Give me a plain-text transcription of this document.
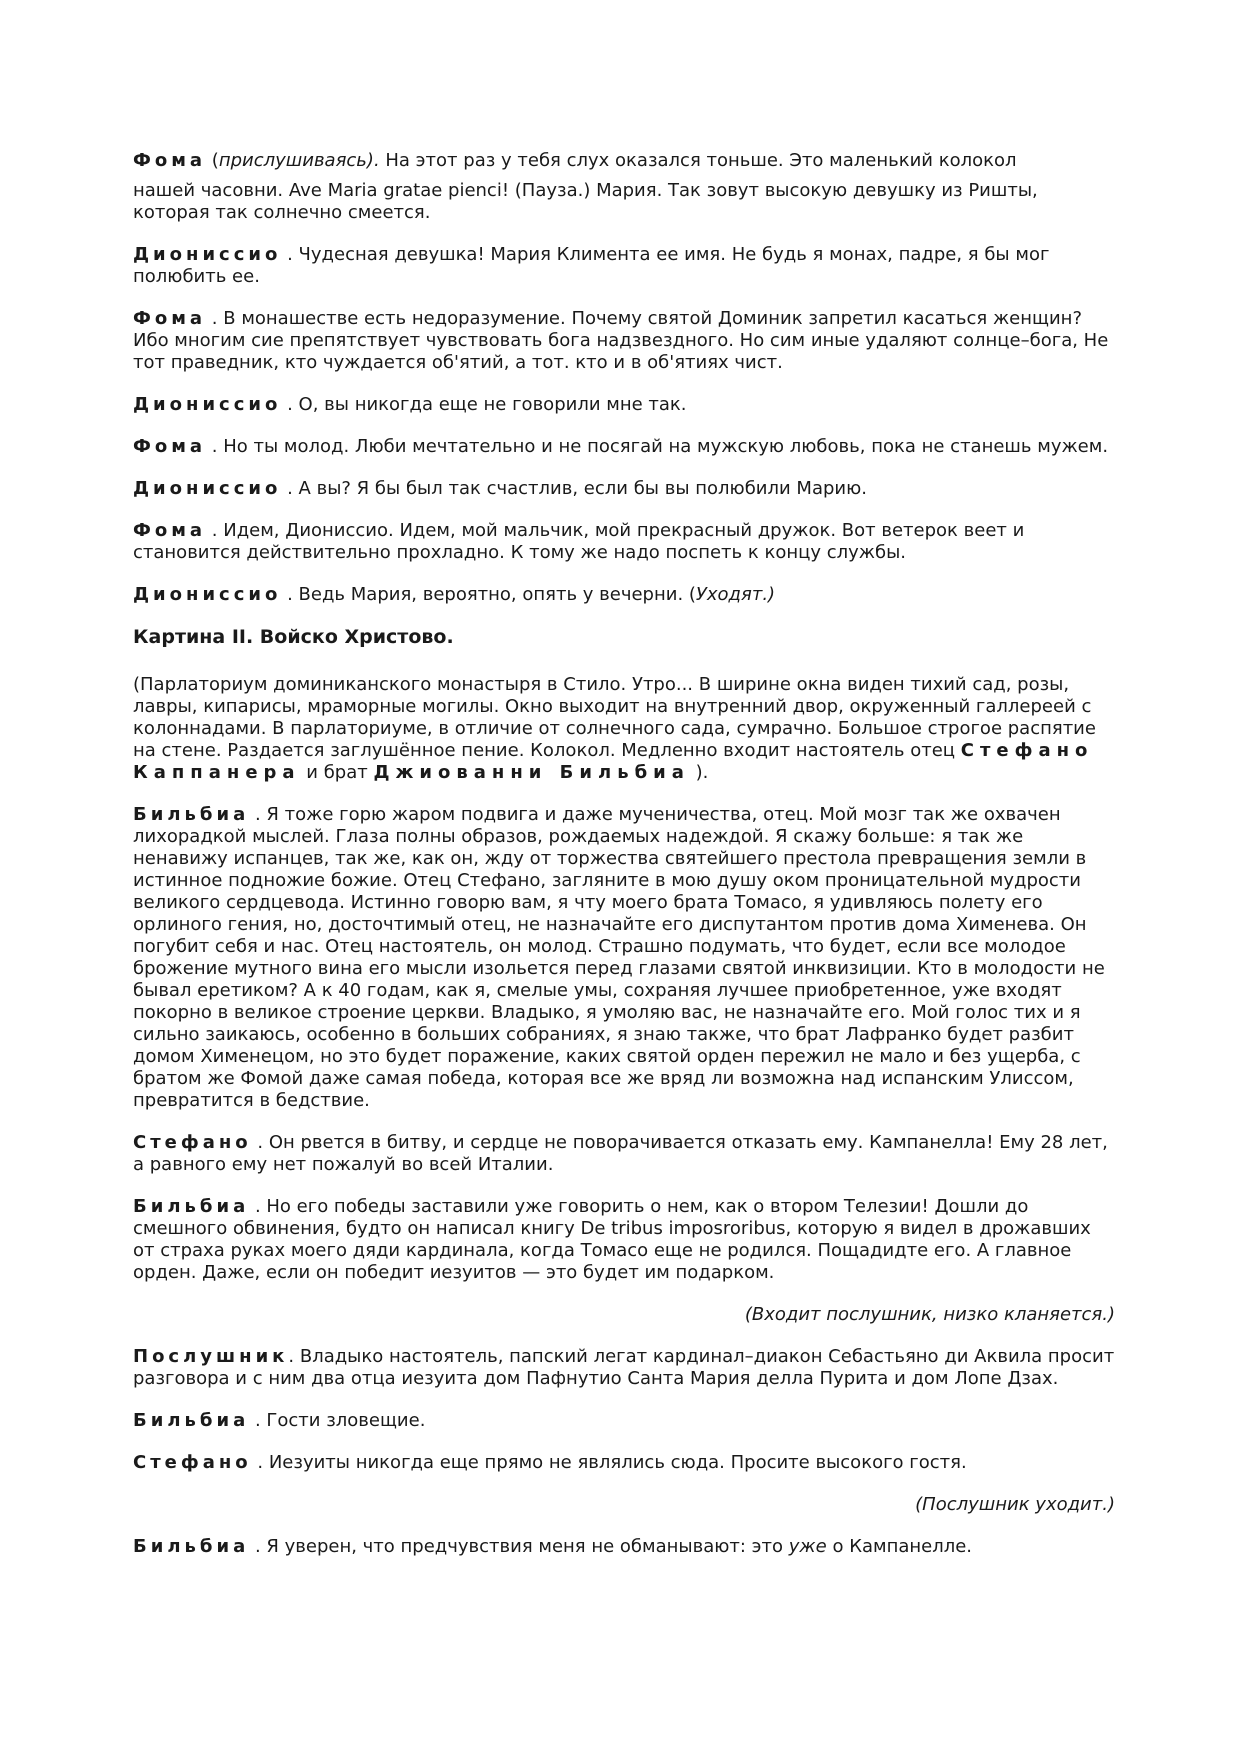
Фома (прислушиваясь). На этот раз у тебя слух оказался тоньше. Это маленький колокол

нашей часовни. Ave Maria gratae pienci! (Пауза.) Мария. Так зовут высокую девушку из Ришты, которая так солнечно смеется.

Дионисcио . Чудесная девушка! Мария Климента ее имя. Не будь я монах, падре, я бы мог полюбить ее.

Фома . В монашестве есть недоразумение. Почему святой Доминик запретил касаться женщин? Ибо многим сие препятствует чувствовать бога надзвездного. Но сим иные удаляют солнце–бога, Не тот праведник, кто чуждается об'ятий, а тот. кто и в об'ятиях чист.

Дионисcио . О, вы никогда еще не говорили мне так.

Фома . Но ты молод. Люби мечтательно и не посягай на мужскую любовь, пока не станешь мужем.

Дионисcио . А вы? Я бы был так счастлив, если бы вы полюбили Марию.

Фома . Идем, Дионисcио. Идем, мой мальчик, мой прекрасный дружок. Вот ветерок веет и становится действительно прохладно. К тому же надо поспеть к концу службы.

Дионисcио . Ведь Мария, вероятно, опять у вечерни. (Уходят.)

Картина II. Войско Христово.

(Парлаториум доминиканского монастыря в Стило. Утро... В ширине окна виден тихий сад, розы, лавры, кипарисы, мраморные могилы. Окно выходит на внутренний двор, окруженный галлереей с колоннадами. В парлаториуме, в отличие от солнечного сада, сумрачно. Большое строгое распятие на стене. Раздается заглушённое пение. Колокол. Медленно входит настоятель отец Стефано Каппанера и брат Джиованни Бильбиа ).

Бильбиа . Я тоже горю жаром подвига и даже мученичества, отец. Мой мозг так же охвачен лихорадкой мыслей. Глаза полны образов, рождаемых надеждой. Я скажу больше: я так же ненавижу испанцев, так же, как он, жду от торжества святейшего престола превращения земли в истинное подножие божие. Отец Стефано, загляните в мою душу оком проницательной мудрости великого сердцевода. Истинно говорю вам, я чту моего брата Томасо, я удивляюсь полету его орлиного гения, но, досточтимый отец, не назначайте его диспутантом против дома Хименева. Он погубит себя и нас. Отец настоятель, он молод. Страшно подумать, что будет, если все молодое брожение мутного вина его мысли изольется перед глазами святой инквизиции. Кто в молодости не бывал еретиком? А к 40 годам, как я, смелые умы, сохраняя лучшее приобретенное, уже входят покорно в великое строение церкви. Владыко, я умоляю вас, не назначайте его. Мой голос тих и я сильно заикаюсь, особенно в больших собраниях, я знаю также, что брат Лафранко будет разбит домом Хименецом, но это будет поражение, каких святой орден пережил не мало и без ущерба, с братом же Фомой даже самая победа, которая все же вряд ли возможна над испанским Улиссом, превратится в бедствие.

Стефано . Он рвется в битву, и сердце не поворачивается отказать ему. Кампанелла! Ему 28 лет, а равного ему нет пожалуй во всей Италии.

Бильбиа . Но его победы заставили уже говорить о нем, как о втором Телезии! Дошли до смешного обвинения, будто он написал книгу De tribus imposroribus, которую я видел в дрожавших от страха руках моего дяди кардинала, когда Томасо еще не родился. Пощадидте его. А главное орден. Даже, если он победит иезуитов — это будет им подарком.

(Входит послушник, низко кланяется.)

Послушник. Владыко настоятель, папский легат кардинал–диакон Себастьяно ди Аквила просит разговора и с ним два отца иезуита дом Пафнутио Санта Мария делла Пурита и дом Лопе Дзах.

Бильбиа . Гости зловещие.

Стефано . Иезуиты никогда еще прямо не являлись сюда. Просите высокого гостя.

(Послушник уходит.)

Бильбиа . Я уверен, что предчувствия меня не обманывают: это уже о Кампанелле.
